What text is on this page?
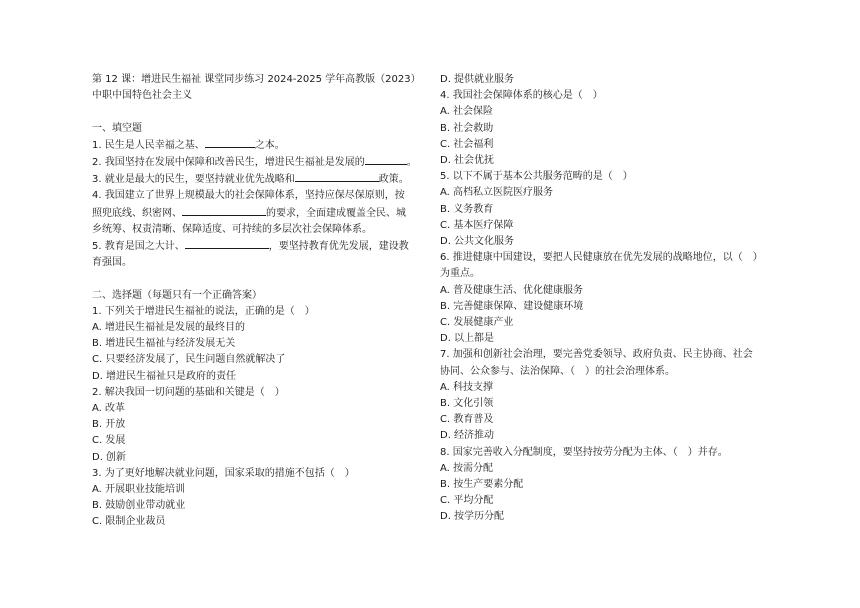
第 12 课：增进民生福祉 课堂同步练习 2024-2025 学年高教版（2023）
中职中国特色社会主义
一、填空题
1. 民生是人民幸福之基、	之本。
2. 我国坚持在发展中保障和改善民生，增进民生福祉是发展的	。
3. 就业是最大的民生，要坚持就业优先战略和	政策。
4. 我国建立了世界上规模最大的社会保障体系，坚持应保尽保原则，按
照兜底线、织密网、	的要求，全面建成覆盖全民、城
乡统筹、权责清晰、保障适度、可持续的多层次社会保障体系。
5. 教育是国之大计、	，要坚持教育优先发展，建设教
育强国。
二、选择题（每题只有一个正确答案）
1. 下列关于增进民生福祉的说法，正确的是（　）
A. 增进民生福祉是发展的最终目的
B. 增进民生福祉与经济发展无关
C. 只要经济发展了，民生问题自然就解决了
D. 增进民生福祉只是政府的责任
2. 解决我国一切问题的基础和关键是（　）
A. 改革
B. 开放
C. 发展
D. 创新
3. 为了更好地解决就业问题，国家采取的措施不包括（　）
A. 开展职业技能培训
B. 鼓励创业带动就业
C. 限制企业裁员
D. 提供就业服务
4. 我国社会保障体系的核心是（　）
A. 社会保险
B. 社会救助
C. 社会福利
D. 社会优抚
5. 以下不属于基本公共服务范畴的是（　）
A. 高档私立医院医疗服务
B. 义务教育
C. 基本医疗保障
D. 公共文化服务
6. 推进健康中国建设，要把人民健康放在优先发展的战略地位，以（　）
为重点。
A. 普及健康生活、优化健康服务
B. 完善健康保障、建设健康环境
C. 发展健康产业
D. 以上都是
7. 加强和创新社会治理，要完善党委领导、政府负责、民主协商、社会
协同、公众参与、法治保障、（　）的社会治理体系。
A. 科技支撑
B. 文化引领
C. 教育普及
D. 经济推动
8. 国家完善收入分配制度，要坚持按劳分配为主体、（　）并存。
A. 按需分配
B. 按生产要素分配
C. 平均分配
D. 按学历分配
